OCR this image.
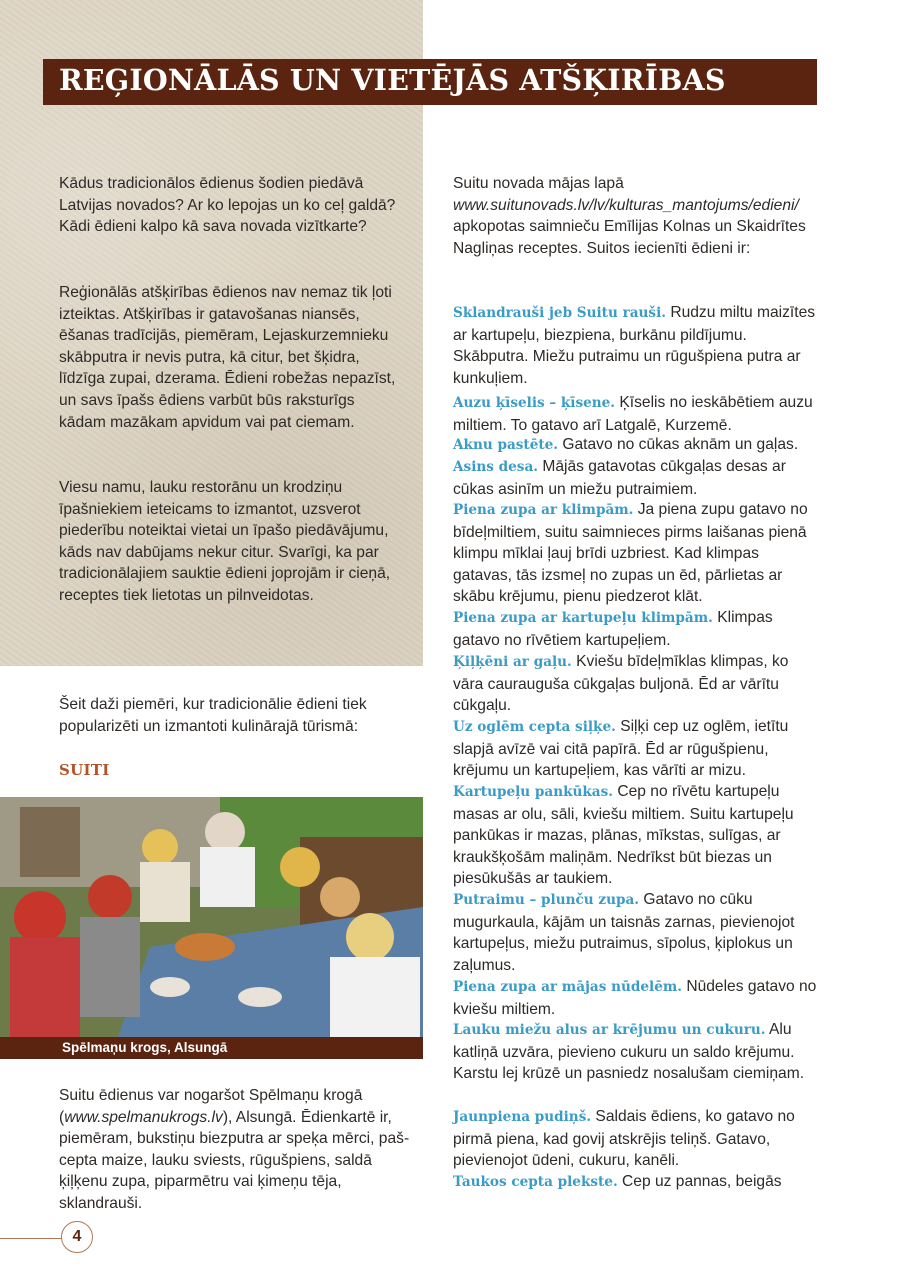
REĢIONĀLĀS UN VIETĒJĀS ATŠĶIRĪBAS

Kādus tradicionālos ēdienus šodien piedāvā Latvijas novados? Ar ko lepojas un ko ceļ galdā? Kādi ēdieni kalpo kā sava novada vizītkarte?

Reģionālās atšķirības ēdienos nav nemaz tik ļoti izteiktas. Atšķirības ir gatavošanas niansēs, ēšanas tradīcijās, piemēram, Lejaskurzemnieku skābputra ir nevis putra, kā citur, bet šķidra, līdzīga zupai, dzerama. Ēdieni robežas nepazīst, un savs īpašs ēdiens varbūt būs raksturīgs kādam mazākam apvidum vai pat ciemam.

Viesu namu, lauku restorānu un krodziņu īpašniekiem ieteicams to izmantot, uzsverot piederību noteiktai vietai un īpašo piedāvājumu, kāds nav dabūjams nekur citur. Svarīgi, ka par tradicionālajiem sauktie ēdieni joprojām ir cieņā, receptes tiek lietotas un pilnveidotas.

Šeit daži piemēri, kur tradicionālie ēdieni tiek popularizēti un izmantoti kulinārajā tūrismā:

SUITI
Spēlmaņu krogs, Alsungā

Suitu ēdienus var nogaršot Spēlmaņu krogā (www.spelmanukrogs.lv), Alsungā. Ēdienkartē ir, piemēram, bukstiņu biezputra ar speķa mērci, pašcepta maize, lauku sviests, rūgušpiens, saldā ķiļķenu zupa, piparmētru vai ķimeņu tēja, sklandrauši.

Suitu novada mājas lapā www.suitunovads.lv/lv/kulturas_mantojums/edieni/ apkopotas saimnieču Emīlijas Kolnas un Skaidrītes Nagliņas receptes. Suitos iecienīti ēdieni ir:

Sklandrauši jeb Suitu rauši. Rudzu miltu maizītes ar kartupeļu, biezpiena, burkānu pildījumu. Skābputra. Miežu putraimu un rūgušpiena putra ar kunkuļiem.

Auzu ķīselis – ķīsene. Ķīselis no ieskābētiem auzu miltiem. To gatavo arī Latgalē, Kurzemē.

Aknu pastēte. Gatavo no cūkas aknām un gaļas.

Asins desa. Mājās gatavotas cūkgaļas desas ar cūkas asinīm un miežu putraimiem.

Piena zupa ar klimpām. Ja piena zupu gatavo no bīdeļmiltiem, suitu saimnieces pirms laišanas pienā klimpu mīklai ļauj brīdi uzbriest. Kad klimpas gatavas, tās izsmeļ no zupas un ēd, pārlietas ar skābu krējumu, pienu piedzerot klāt.

Piena zupa ar kartupeļu klimpām. Klimpas gatavo no rīvētiem kartupeļiem.

Ķiļķēni ar gaļu. Kviešu bīdeļmīklas klimpas, ko vāra caurauguša cūkgaļas buljonā. Ēd ar vārītu cūkgaļu.

Uz oglēm cepta siļķe. Siļķi cep uz oglēm, ietītu slapjā avīzē vai citā papīrā. Ēd ar rūgušpienu, krējumu un kartupeļiem, kas vārīti ar mizu.

Kartupeļu pankūkas. Cep no rīvētu kartupeļu masas ar olu, sāli, kviešu miltiem. Suitu kartupeļu pankūkas ir mazas, plānas, mīkstas, sulīgas, ar kraukšķošām maliņām. Nedrīkst būt biezas un piesūkušās ar taukiem.

Putraimu – plunču zupa. Gatavo no cūku mugurkaula, kājām un taisnās zarnas, pievienojot kartupeļus, miežu putraimus, sīpolus, ķiplokus un zaļumus.

Piena zupa ar mājas nūdelēm. Nūdeles gatavo no kviešu miltiem.

Lauku miežu alus ar krējumu un cukuru. Alu katliņā uzvāra, pievieno cukuru un saldo krējumu. Karstu lej krūzē un pasniedz nosalušam ciemiņam.

Jaunpiena pudiņš. Saldais ēdiens, ko gatavo no pirmā piena, kad govij atskrējis teliņš. Gatavo, pievienojot ūdeni, cukuru, kanēli.

Taukos cepta plekste. Cep uz pannas, beigās

4
